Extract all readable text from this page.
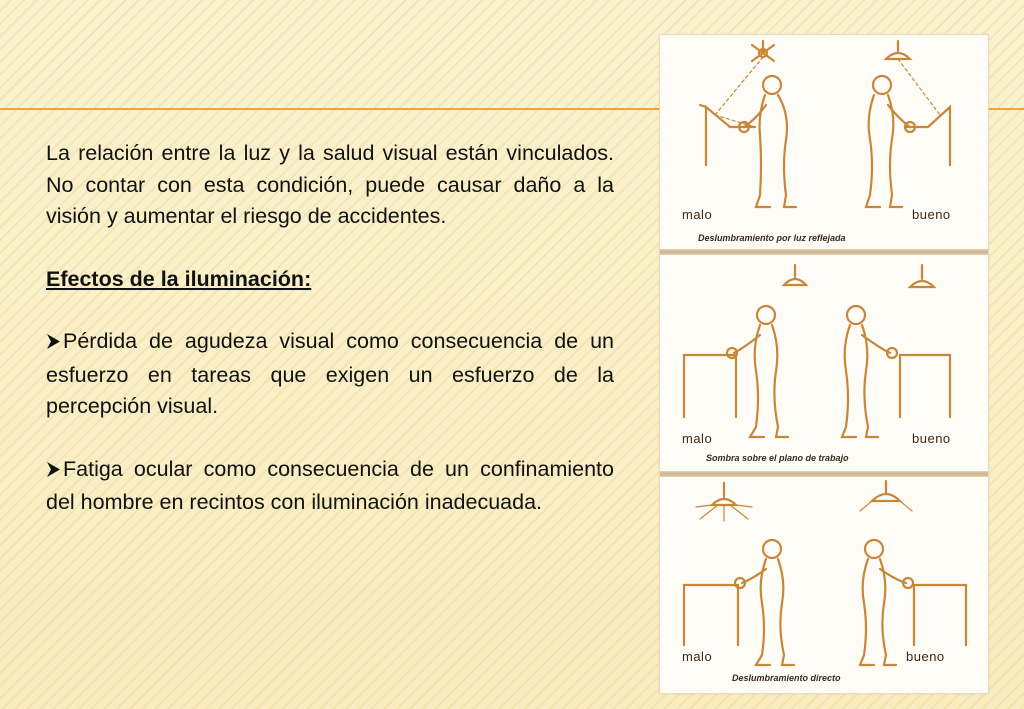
La relación entre la luz y la salud visual están vinculados. No contar con esta condición, puede causar daño a la visión y aumentar el riesgo de accidentes.

Efectos de la iluminación:

Pérdida de agudeza visual como consecuencia de un esfuerzo en tareas que exigen un esfuerzo de la percepción visual.

Fatiga ocular como consecuencia de un confinamiento del hombre en recintos con iluminación inadecuada.

malo	bueno
Deslumbramiento por luz reflejada
malo	bueno
Sombra sobre el plano de trabajo
malo	bueno
Deslumbramiento directo
